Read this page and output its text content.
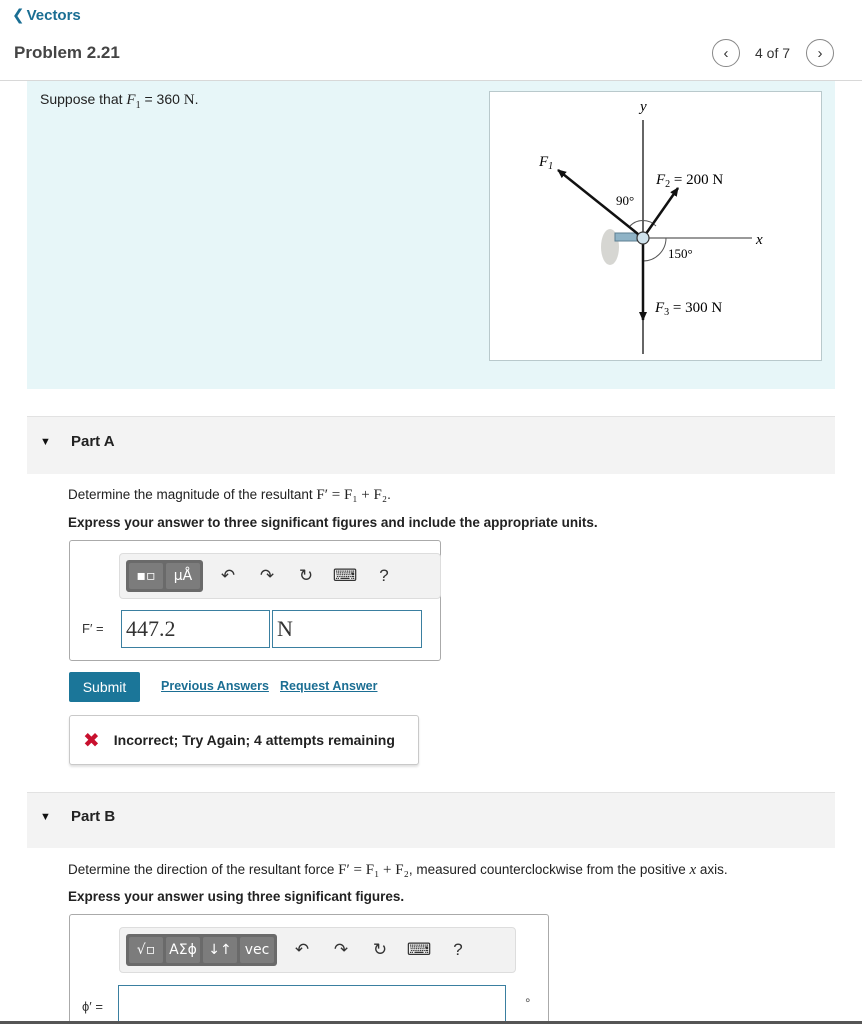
❮ Vectors
Problem 2.21	‹ 4 of 7 ›
Suppose that $F_1 = 360$ N.	y
x
$F_1$
$F_2 = 200$ N
$F_3 = 300$ N
90°
150°
▼ Part A
Determine the magnitude of the resultant F′ = F₁ + F₂.
Express your answer to three significant figures and include the appropriate units.
▪▫	μÅ	↶	↷	↻	⌨	?
F′ = 447.2	N
Submit	Previous Answers Request Answer
✖ Incorrect; Try Again; 4 attempts remaining
▼ Part B
Determine the direction of the resultant force F′ = F₁ + F₂, measured counterclockwise from the positive x axis.
Express your answer using three significant figures.
√▫ ΑΣϕ ↓↑ vec	↶	↷	↻	⌨	?
ϕ′ =	∘
